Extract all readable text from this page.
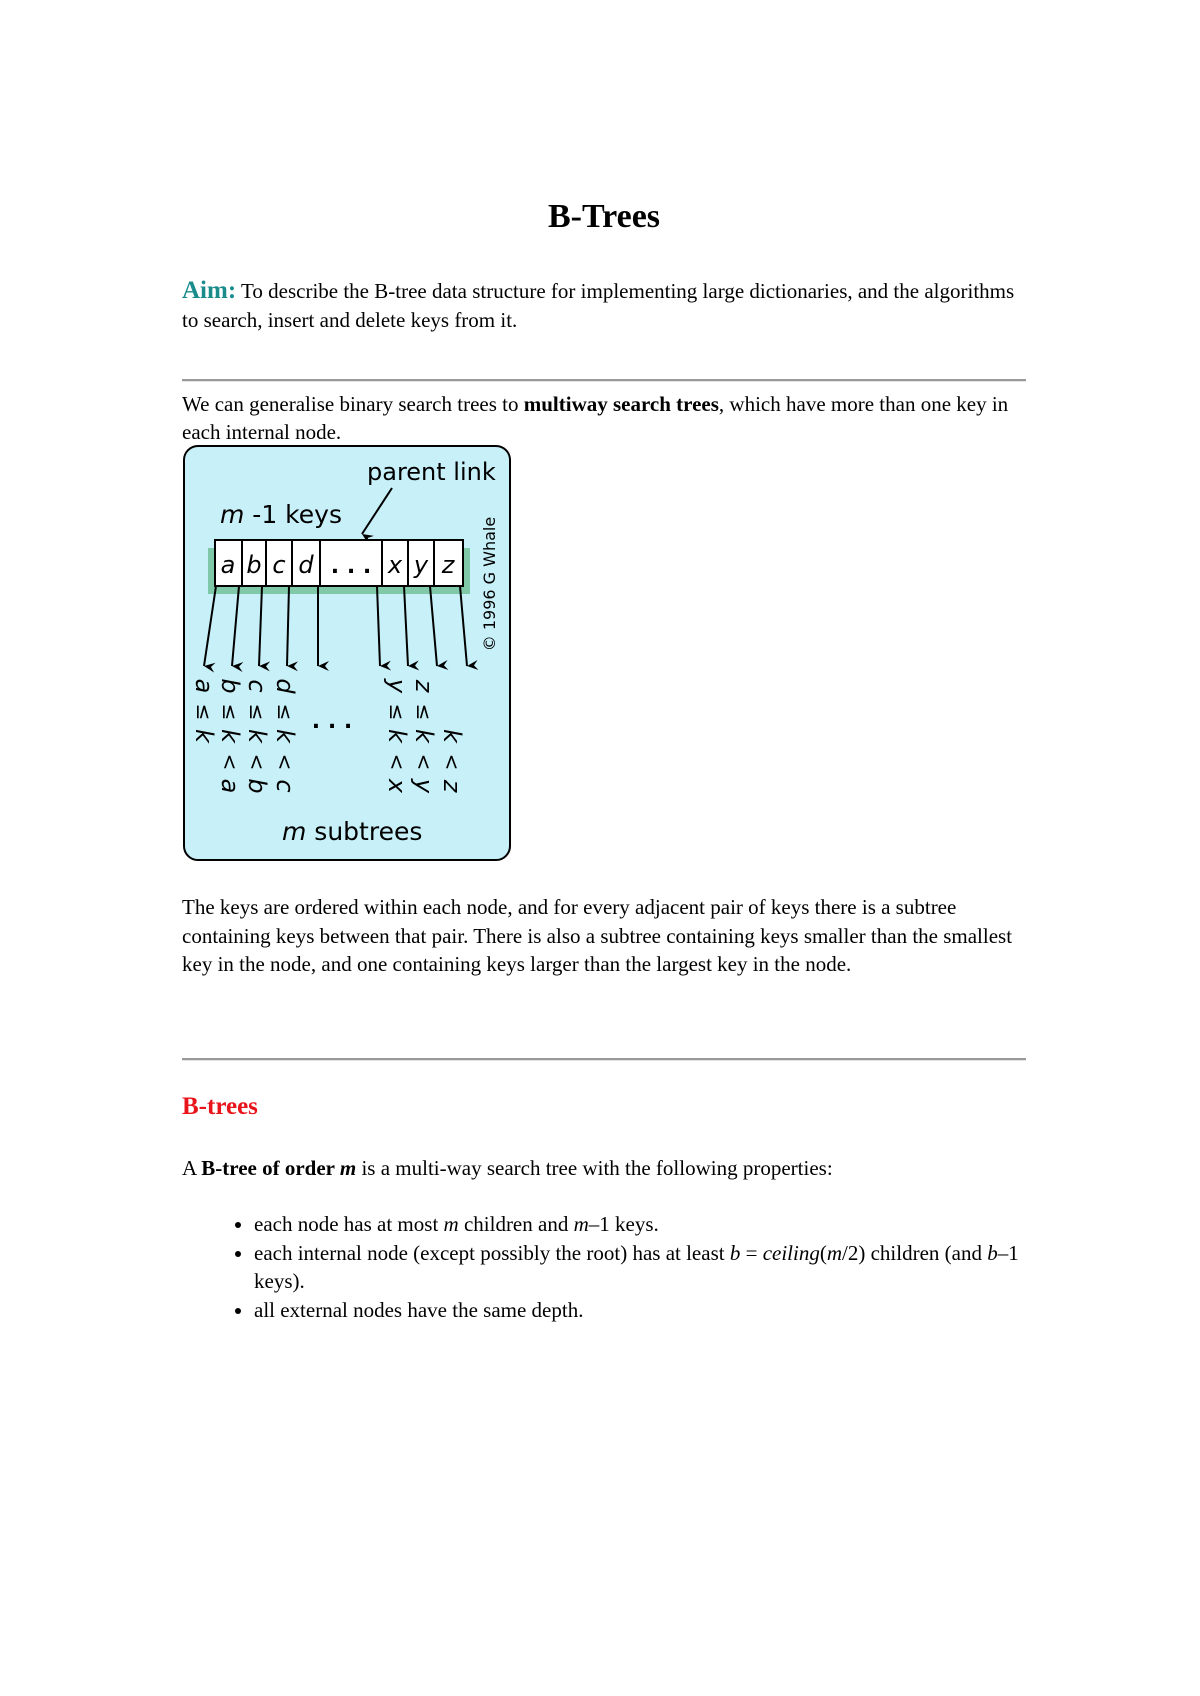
B-Trees
Aim: To describe the B-tree data structure for implementing large dictionaries, and the algorithms to search, insert and delete keys from it.
We can generalise binary search trees to multiway search trees, which have more than one key in each internal node.
parent link
m -1 keys
a b c d . . . x y z © 1996 G Whale
a
≤
k
b
≤
k
<
a
c
≤
k
<
b
d
≤
k
<
c
y
≤
k
<
x
z
≤
k
<
y
k
<
z
. . .
m subtrees
The keys are ordered within each node, and for every adjacent pair of keys there is a subtree containing keys between that pair. There is also a subtree containing keys smaller than the smallest key in the node, and one containing keys larger than the largest key in the node.
B-trees
A B-tree of order m is a multi-way search tree with the following properties:
• each node has at most m children and m–1 keys.
• each internal node (except possibly the root) has at least b = ceiling(m/2) children (and b–1 keys).
• all external nodes have the same depth.
